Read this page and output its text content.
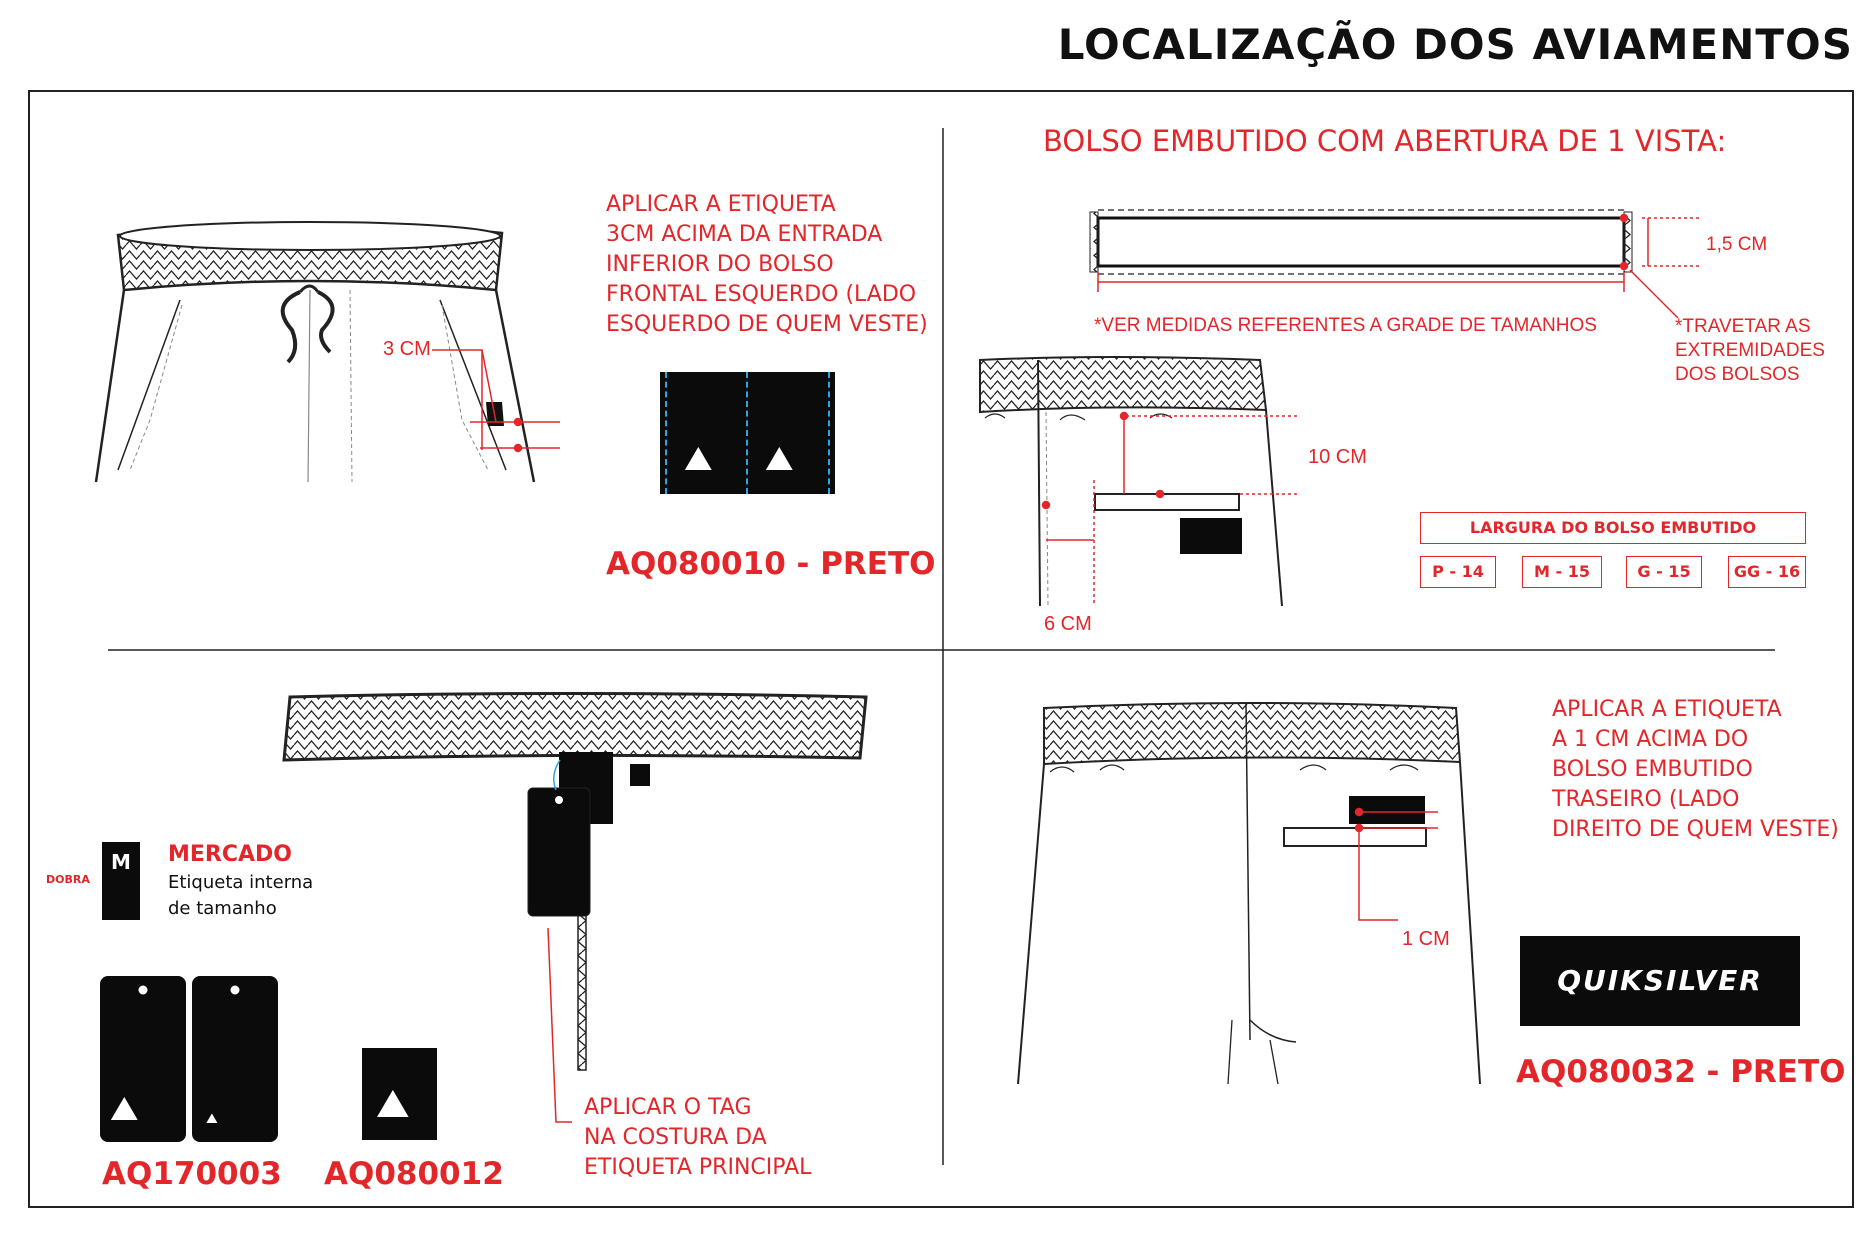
LOCALIZAÇÃO DOS AVIAMENTOS
APLICAR A ETIQUETA
3CM ACIMA DA ENTRADA
INFERIOR DO BOLSO
FRONTAL ESQUERDO (LADO
ESQUERDO DE QUEM VESTE)
3 CM
⛰ ⛰
AQ080010 - PRETO
BOLSO EMBUTIDO COM ABERTURA DE 1 VISTA:
1,5 CM
*VER MEDIDAS REFERENTES A GRADE DE TAMANHOS	*TRAVETAR AS
EXTREMIDADES
DOS BOLSOS
10 CM
6 CM
LARGURA DO BOLSO EMBUTIDO
P - 14	M - 15	G - 15	GG - 16
M
DOBRA
MERCADO
Etiqueta interna
de tamanho
⛰	⛰
AQ170003
⛰
AQ080012
APLICAR O TAG
NA COSTURA DA
ETIQUETA PRINCIPAL
APLICAR A ETIQUETA
A 1 CM ACIMA DO
BOLSO EMBUTIDO
TRASEIRO (LADO
DIREITO DE QUEM VESTE)
1 CM
QUIKSILVER
AQ080032 - PRETO
